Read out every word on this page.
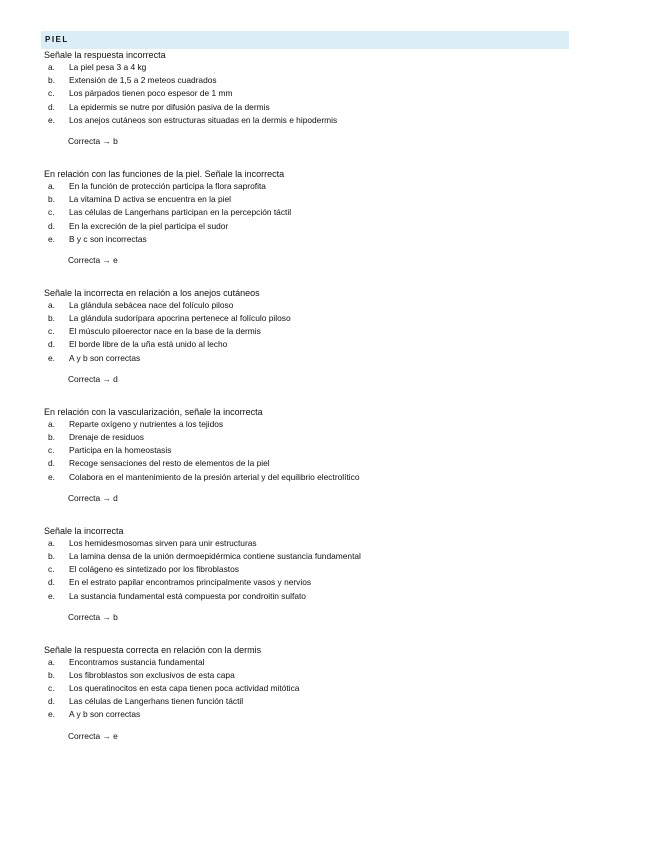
PIEL
Señale la respuesta incorrecta
a. La piel pesa 3 a 4 kg
b. Extensión de 1,5 a 2 meteos cuadrados
c. Los párpados tienen poco espesor de 1 mm
d. La epidermis se nutre por difusión pasiva de la dermis
e. Los anejos cutáneos son estructuras situadas en la dermis e hipodermis
Correcta → b
En relación con las funciones de la piel. Señale la incorrecta
a. En la función de protección participa la flora saprofita
b. La vitamina D activa se encuentra en la piel
c. Las células de Langerhans participan en la percepción táctil
d. En la excreción de la piel participa el sudor
e. B y c son incorrectas
Correcta → e
Señale la incorrecta en relación a los anejos cutáneos
a. La glándula sebácea nace del folículo piloso
b. La glándula sudorípara apocrina pertenece al folículo piloso
c. El músculo piloerector nace en la base de la dermis
d. El borde libre de la uña está unido al lecho
e. A y b son correctas
Correcta → d
En relación con la vascularización, señale la incorrecta
a. Reparte oxígeno y nutrientes a los tejidos
b. Drenaje de residuos
c. Participa en la homeostasis
d. Recoge sensaciones del resto de elementos de la piel
e. Colabora en el mantenimiento de la presión arterial y del equilibrio electrolítico
Correcta → d
Señale la incorrecta
a. Los hemidesmosomas sirven para unir estructuras
b. La lamina densa de la unión dermoepidérmica contiene sustancia fundamental
c. El colágeno es sintetizado por los fibroblastos
d. En el estrato papilar encontramos principalmente vasos y nervios
e. La sustancia fundamental está compuesta por condroitin sulfato
Correcta → b
Señale la respuesta correcta en relación con la dermis
a. Encontramos sustancia fundamental
b. Los fibroblastos son exclusivos de esta capa
c. Los queratinocitos en esta capa tienen poca actividad mitótica
d. Las células de Langerhans tienen función táctil
e. A y b son correctas
Correcta → e
